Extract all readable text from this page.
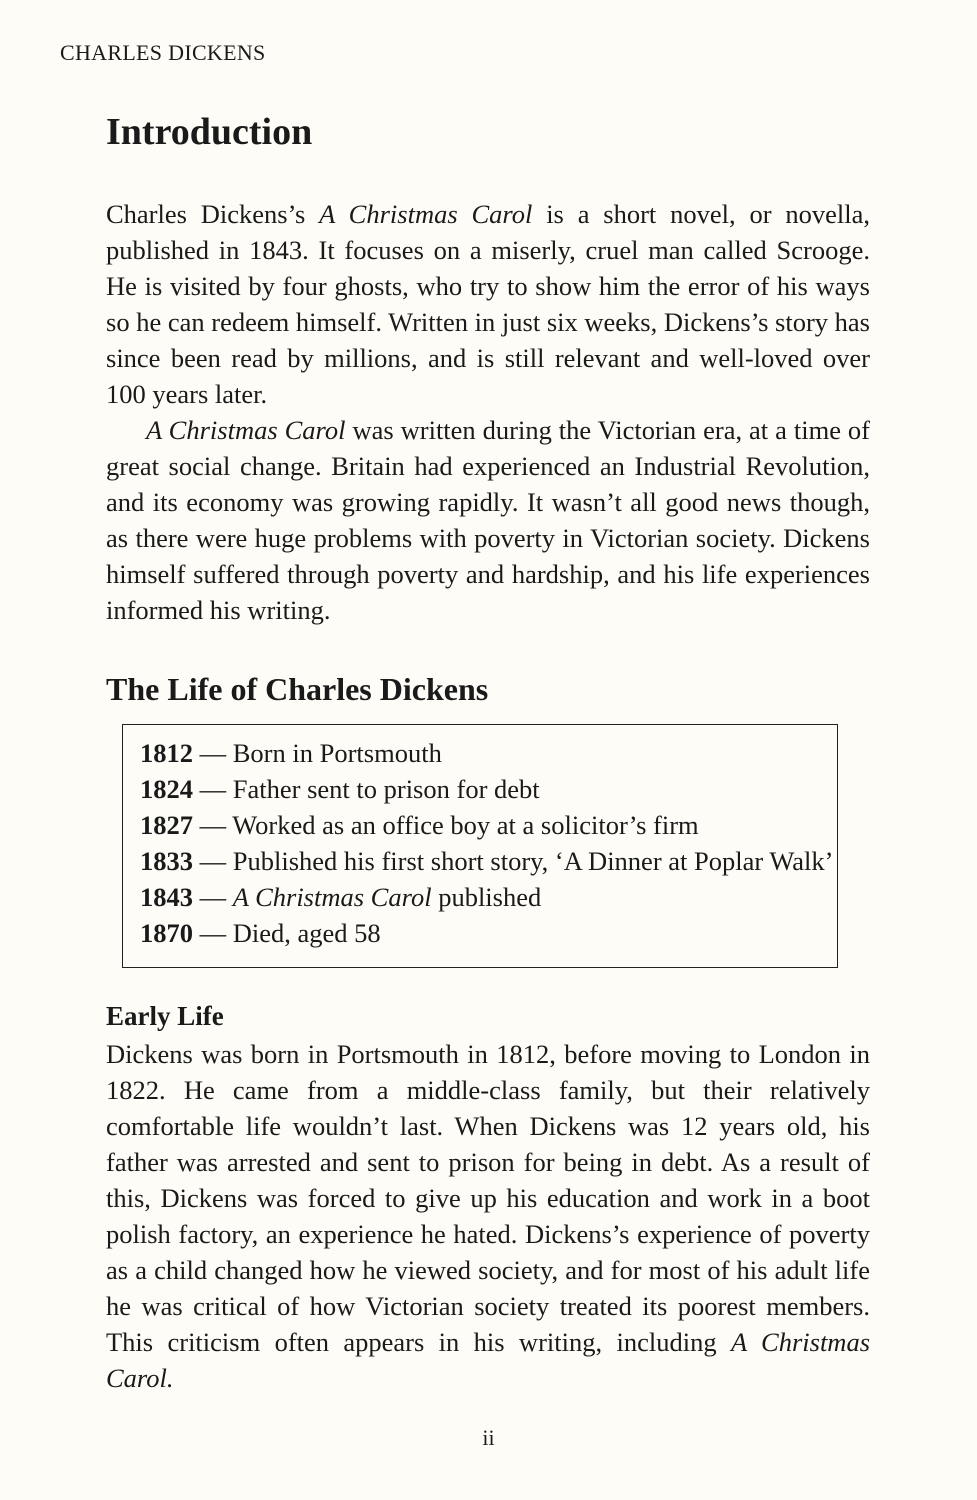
CHARLES DICKENS
Introduction

Charles Dickens’s A Christmas Carol is a short novel, or novella, published in 1843. It focuses on a miserly, cruel man called Scrooge. He is visited by four ghosts, who try to show him the error of his ways so he can redeem himself. Written in just six weeks, Dickens’s story has since been read by millions, and is still relevant and well-loved over 100 years later.

A Christmas Carol was written during the Victorian era, at a time of great social change. Britain had experienced an Industrial Revolution, and its economy was growing rapidly. It wasn’t all good news though, as there were huge problems with poverty in Victorian society. Dickens himself suffered through poverty and hardship, and his life experiences informed his writing.

The Life of Charles Dickens
1812 — Born in Portsmouth
1824 — Father sent to prison for debt
1827 — Worked as an office boy at a solicitor’s firm
1833 — Published his first short story, ‘A Dinner at Poplar Walk’
1843 — A Christmas Carol published
1870 — Died, aged 58
Early Life

Dickens was born in Portsmouth in 1812, before moving to London in 1822. He came from a middle-class family, but their relatively comfortable life wouldn’t last. When Dickens was 12 years old, his father was arrested and sent to prison for being in debt. As a result of this, Dickens was forced to give up his education and work in a boot polish factory, an experience he hated. Dickens’s experience of poverty as a child changed how he viewed society, and for most of his adult life he was critical of how Victorian society treated its poorest members. This criticism often appears in his writing, including A Christmas Carol.

ii
